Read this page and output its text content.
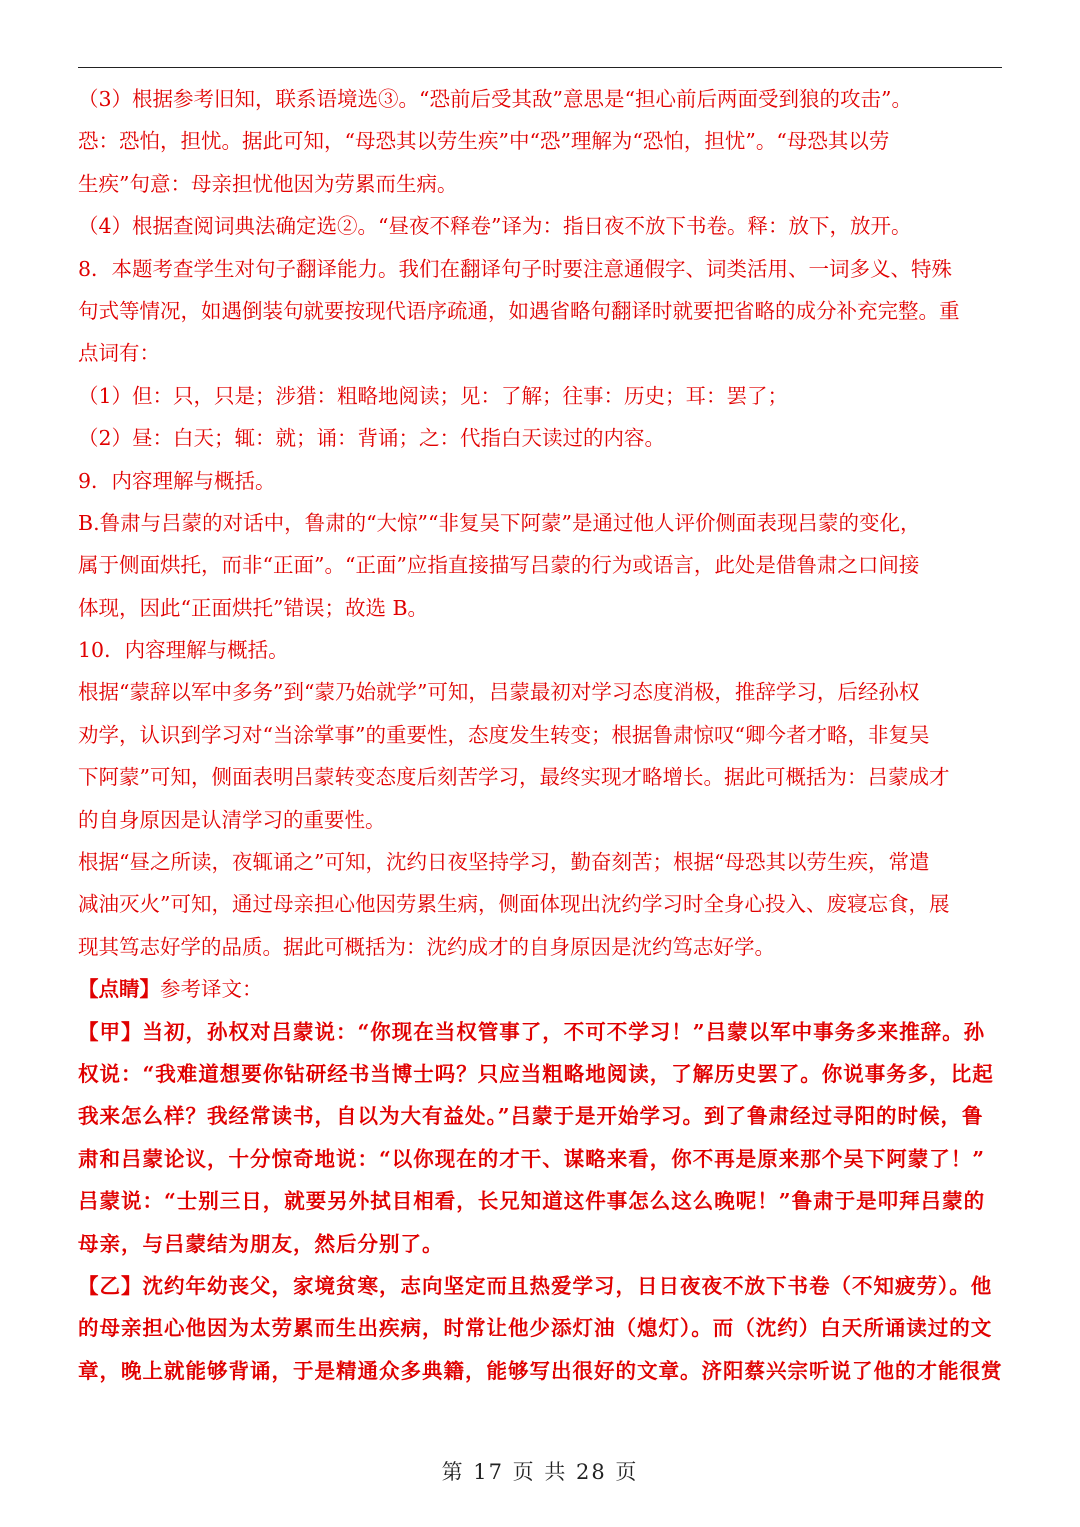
（3）根据参考旧知，联系语境选③。“恐前后受其敌”意思是“担心前后两面受到狼的攻击”。
恐：恐怕，担忧。据此可知，“母恐其以劳生疾”中“恐”理解为“恐怕，担忧”。“母恐其以劳
生疾”句意：母亲担忧他因为劳累而生病。
（4）根据查阅词典法确定选②。“昼夜不释卷”译为：指日夜不放下书卷。释：放下，放开。
8．本题考查学生对句子翻译能力。我们在翻译句子时要注意通假字、词类活用、一词多义、特殊
句式等情况，如遇倒装句就要按现代语序疏通，如遇省略句翻译时就要把省略的成分补充完整。重
点词有：
（1）但：只，只是；涉猎：粗略地阅读；见：了解；往事：历史；耳：罢了；
（2）昼：白天；辄：就；诵：背诵；之：代指白天读过的内容。
9．内容理解与概括。
B.鲁肃与吕蒙的对话中，鲁肃的“大惊”“非复吴下阿蒙”是通过他人评价侧面表现吕蒙的变化，
属于侧面烘托，而非“正面”。“正面”应指直接描写吕蒙的行为或语言，此处是借鲁肃之口间接
体现，因此“正面烘托”错误；故选 B。
10．内容理解与概括。
根据“蒙辞以军中多务”到“蒙乃始就学”可知，吕蒙最初对学习态度消极，推辞学习，后经孙权
劝学，认识到学习对“当涂掌事”的重要性，态度发生转变；根据鲁肃惊叹“卿今者才略，非复吴
下阿蒙”可知，侧面表明吕蒙转变态度后刻苦学习，最终实现才略增长。据此可概括为：吕蒙成才
的自身原因是认清学习的重要性。
根据“昼之所读，夜辄诵之”可知，沈约日夜坚持学习，勤奋刻苦；根据“母恐其以劳生疾，常遣
减油灭火”可知，通过母亲担心他因劳累生病，侧面体现出沈约学习时全身心投入、废寝忘食，展
现其笃志好学的品质。据此可概括为：沈约成才的自身原因是沈约笃志好学。
【点睛】参考译文：
【甲】当初，孙权对吕蒙说：“你现在当权管事了，不可不学习！”吕蒙以军中事务多来推辞。孙
权说：“我难道想要你钻研经书当博士吗？只应当粗略地阅读，了解历史罢了。你说事务多，比起
我来怎么样？我经常读书，自以为大有益处。”吕蒙于是开始学习。到了鲁肃经过寻阳的时候，鲁
肃和吕蒙论议，十分惊奇地说：“以你现在的才干、谋略来看，你不再是原来那个吴下阿蒙了！”
吕蒙说：“士别三日，就要另外拭目相看，长兄知道这件事怎么这么晚呢！”鲁肃于是叩拜吕蒙的
母亲，与吕蒙结为朋友，然后分别了。
【乙】沈约年幼丧父，家境贫寒，志向坚定而且热爱学习，日日夜夜不放下书卷（不知疲劳）。他
的母亲担心他因为太劳累而生出疾病，时常让他少添灯油（熄灯）。而（沈约）白天所诵读过的文
章，晚上就能够背诵，于是精通众多典籍，能够写出很好的文章。济阳蔡兴宗听说了他的才能很赏
第 17 页 共 28 页
